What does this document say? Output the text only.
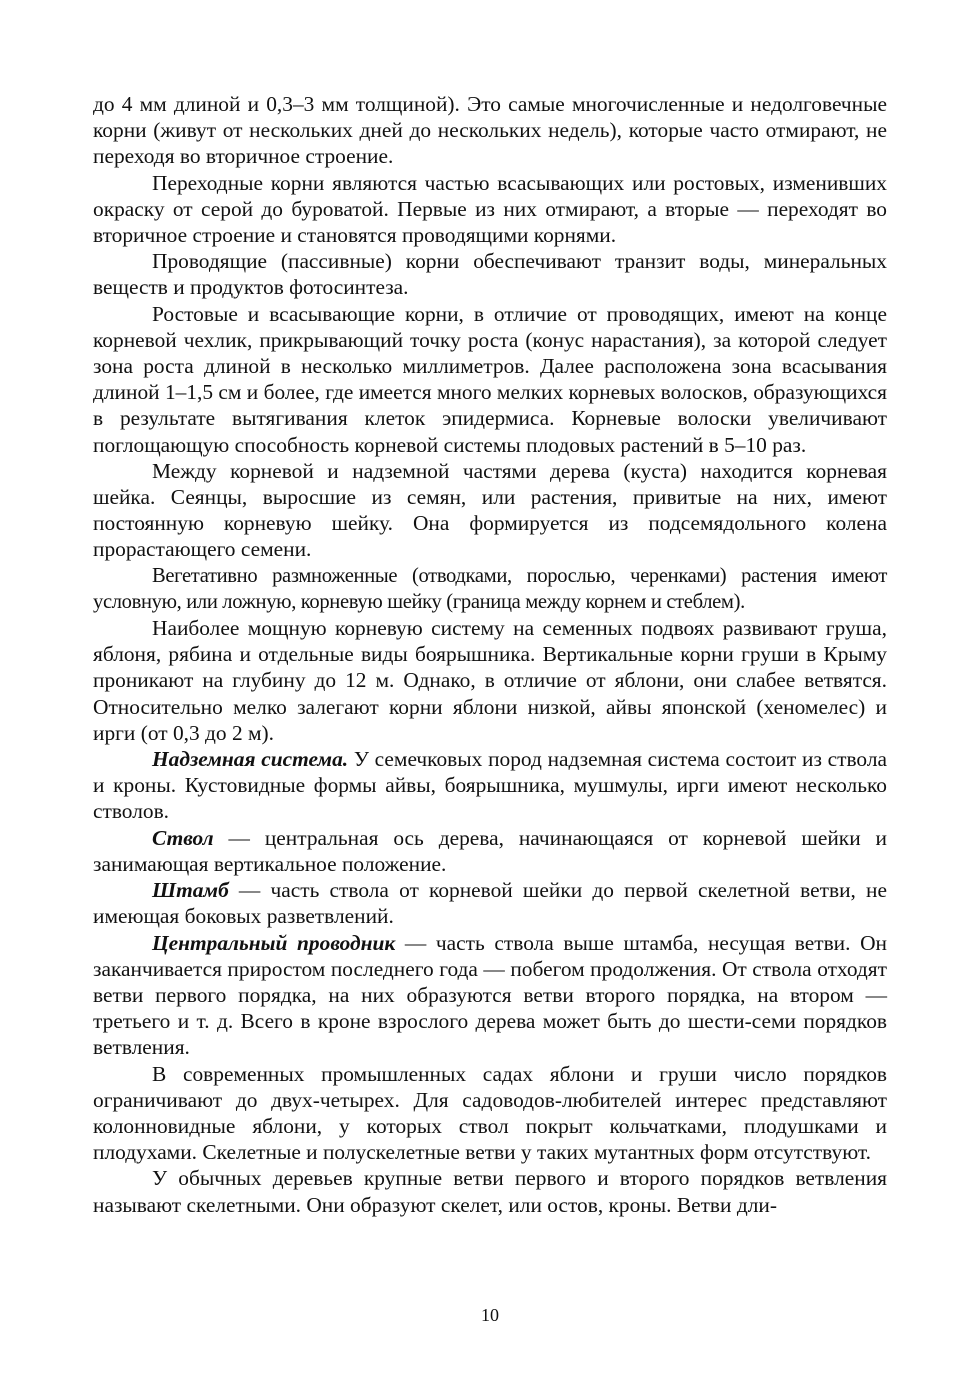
до 4 мм длиной и 0,3–3 мм толщиной). Это самые многочисленные и недолговечные корни (живут от нескольких дней до нескольких недель), которые часто отмирают, не переходя во вторичное строение.

Переходные корни являются частью всасывающих или ростовых, изменивших окраску от серой до буроватой. Первые из них отмирают, а вторые — переходят во вторичное строение и становятся проводящими корнями.

Проводящие (пассивные) корни обеспечивают транзит воды, минеральных веществ и продуктов фотосинтеза.

Ростовые и всасывающие корни, в отличие от проводящих, имеют на конце корневой чехлик, прикрывающий точку роста (конус нарастания), за которой следует зона роста длиной в несколько миллиметров. Далее расположена зона всасывания длиной 1–1,5 см и более, где имеется много мелких корневых волосков, образующихся в результате вытягивания клеток эпидермиса. Корневые волоски увеличивают поглощающую способность корневой системы плодовых растений в 5–10 раз.

Между корневой и надземной частями дерева (куста) находится корневая шейка. Сеянцы, выросшие из семян, или растения, привитые на них, имеют постоянную корневую шейку. Она формируется из подсемядольного колена прорастающего семени.

Вегетативно размноженные (отводками, порослью, черенками) растения имеют условную, или ложную, корневую шейку (граница между корнем и стеблем).

Наиболее мощную корневую систему на семенных подвоях развивают груша, яблоня, рябина и отдельные виды боярышника. Вертикальные корни груши в Крыму проникают на глубину до 12 м. Однако, в отличие от яблони, они слабее ветвятся. Относительно мелко залегают корни яблони низкой, айвы японской (хеномелес) и ирги (от 0,3 до 2 м).

Надземная система. У семечковых пород надземная система состоит из ствола и кроны. Кустовидные формы айвы, боярышника, мушмулы, ирги имеют несколько стволов.

Ствол — центральная ось дерева, начинающаяся от корневой шейки и занимающая вертикальное положение.

Штамб — часть ствола от корневой шейки до первой скелетной ветви, не имеющая боковых разветвлений.

Центральный проводник — часть ствола выше штамба, несущая ветви. Он заканчивается приростом последнего года — побегом продолжения. От ствола отходят ветви первого порядка, на них образуются ветви второго порядка, на втором — третьего и т. д. Всего в кроне взрослого дерева может быть до шести-семи порядков ветвления.

В современных промышленных садах яблони и груши число порядков ограничивают до двух-четырех. Для садоводов-любителей интерес представляют колонновидные яблони, у которых ствол покрыт кольчатками, плодушками и плодухами. Скелетные и полускелетные ветви у таких мутантных форм отсутствуют.

У обычных деревьев крупные ветви первого и второго порядков ветвления называют скелетными. Они образуют скелет, или остов, кроны. Ветви дли-

10
